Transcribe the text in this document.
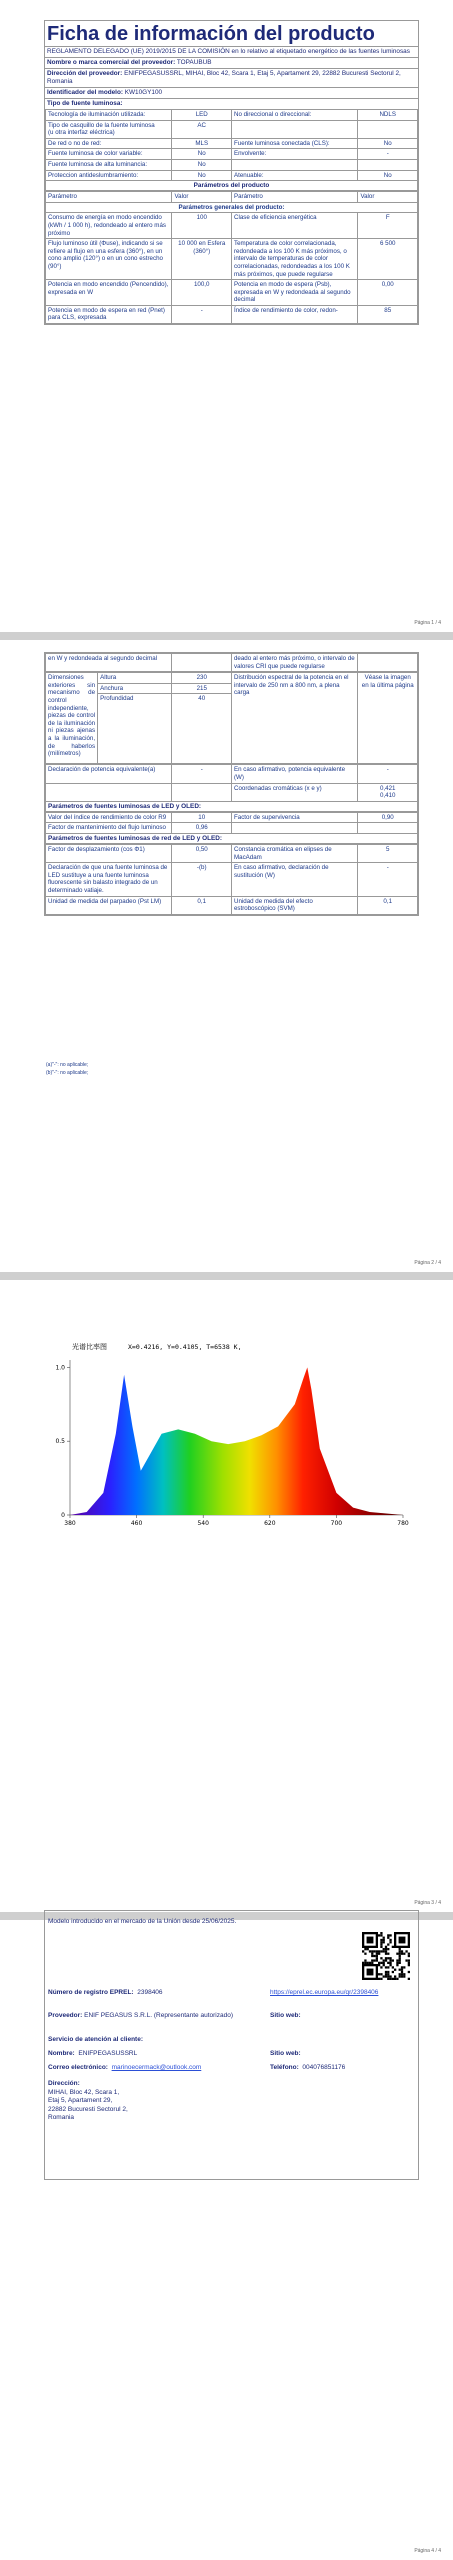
Ficha de información del producto
REGLAMENTO DELEGADO (UE) 2019/2015 DE LA COMISIÓN en lo relativo al etiquetado energético de las fuentes luminosas
Nombre o marca comercial del proveedor: TOPAUBUB
Dirección del proveedor: ENIFPEGASUSSRL, MIHAI, Bloc 42, Scara 1, Etaj 5, Apartament 29, 22882 Bucuresti Sectorul 2, Romania
Identificador del modelo: KW10GY100
Tipo de fuente luminosa:
Tecnología de iluminación utilizada:	LED	No direccional o direccional:	NDLS
Tipo de casquillo de la fuente luminosa
(u otra interfaz eléctrica)	AC		
De red o no de red:	MLS	Fuente luminosa conectada (CLS):	No
Fuente luminosa de color variable:	No	Envolvente:	-
Fuente luminosa de alta luminancia:	No		
Proteccion antideslumbramiento:	No	Atenuable:	No
Parámetros del producto
Parámetro	Valor	Parámetro	Valor
Parámetros generales del producto:			
Consumo de energía en modo encendido (kWh / 1 000 h), redondeado al entero más próximo	100	Clase de eficiencia energética	F
Flujo luminoso útil (Φuse), indicando si se refiere al flujo en una esfera (360°), en un cono amplio (120°) o en un cono estrecho (90°)	10 000 en Esfera (360°)	Temperatura de color correlacionada, redondeada a los 100 K más próximos, o intervalo de temperaturas de color correlacionadas, redondeadas a los 100 K más próximos, que puede regularse	6 500
Potencia en modo encendido (Pencendido), expresada en W	100,0	Potencia en modo de espera (Psb), expresada en W y redondeada al segundo decimal	0,00
Potencia en modo de espera en red (Pnet) para CLS, expresada	-	Índice de rendimiento de color, redon-	85
Página 1 / 4
en W y redondeada al segundo decimal		deado al entero más próximo, o intervalo de valores CRI que puede regularse	
Dimensiones exteriores sin mecanismo de control independiente, piezas de control de la iluminación ni piezas ajenas a la iluminación, de haberlos (milímetros)	Altura	230	Distribución espectral de la potencia en el intervalo de 250 nm a 800 nm, a plena carga	Véase la imagen en la última página
	Anchura	215		
	Profundidad	40		
Declaración de potencia equivalente(a)	-	En caso afirmativo, potencia equivalente (W)	-
		Coordenadas cromáticas (x e y)	0,421
0,410
Parámetros de fuentes luminosas de LED y OLED:
Valor del índice de rendimiento de color R9	10	Factor de supervivencia	0,90
Factor de mantenimiento del flujo luminoso	0,96		
Parámetros de fuentes luminosas de red de LED y OLED:
Factor de desplazamiento (cos Φ1)	0,50	Constancia cromática en elipses de MacAdam	5
Declaración de que una fuente luminosa de LED sustituye a una fuente luminosa fluorescente sin balasto integrado de un determinado vatiaje.	-(b)	En caso afirmativo, declaración de sustitución (W)	-
Unidad de medida del parpadeo (Pst LM)	0,1	Unidad de medida del efecto estroboscópico (SVM)	0,1
(a)"-": no aplicable;
(b)"-": no aplicable;
Página 2 / 4
Página 3 / 4
380	460	540	620	700	780
0
0.5
1.0
光谱比率图	X=0.4216, Y=0.4105, T=6538 K,
Página 4 / 4
Modelo introducido en el mercado de la Unión desde 25/06/2025.
Número de registro EPREL: 2398406	https://eprel.ec.europa.eu/qr/2398406
Proveedor: ENIF PEGASUS S.R.L. (Representante autorizado)	Sitio web:
Servicio de atención al cliente:
Nombre: ENIFPEGASUSSRL	Sitio web:
Correo electrónico: marinoecermack@outlook.com	Teléfono: 004076851176
Dirección:
MIHAI, Bloc 42, Scara 1,
Etaj 5, Apartament 29,
22882 Bucuresti Sectorul 2,
Romania
